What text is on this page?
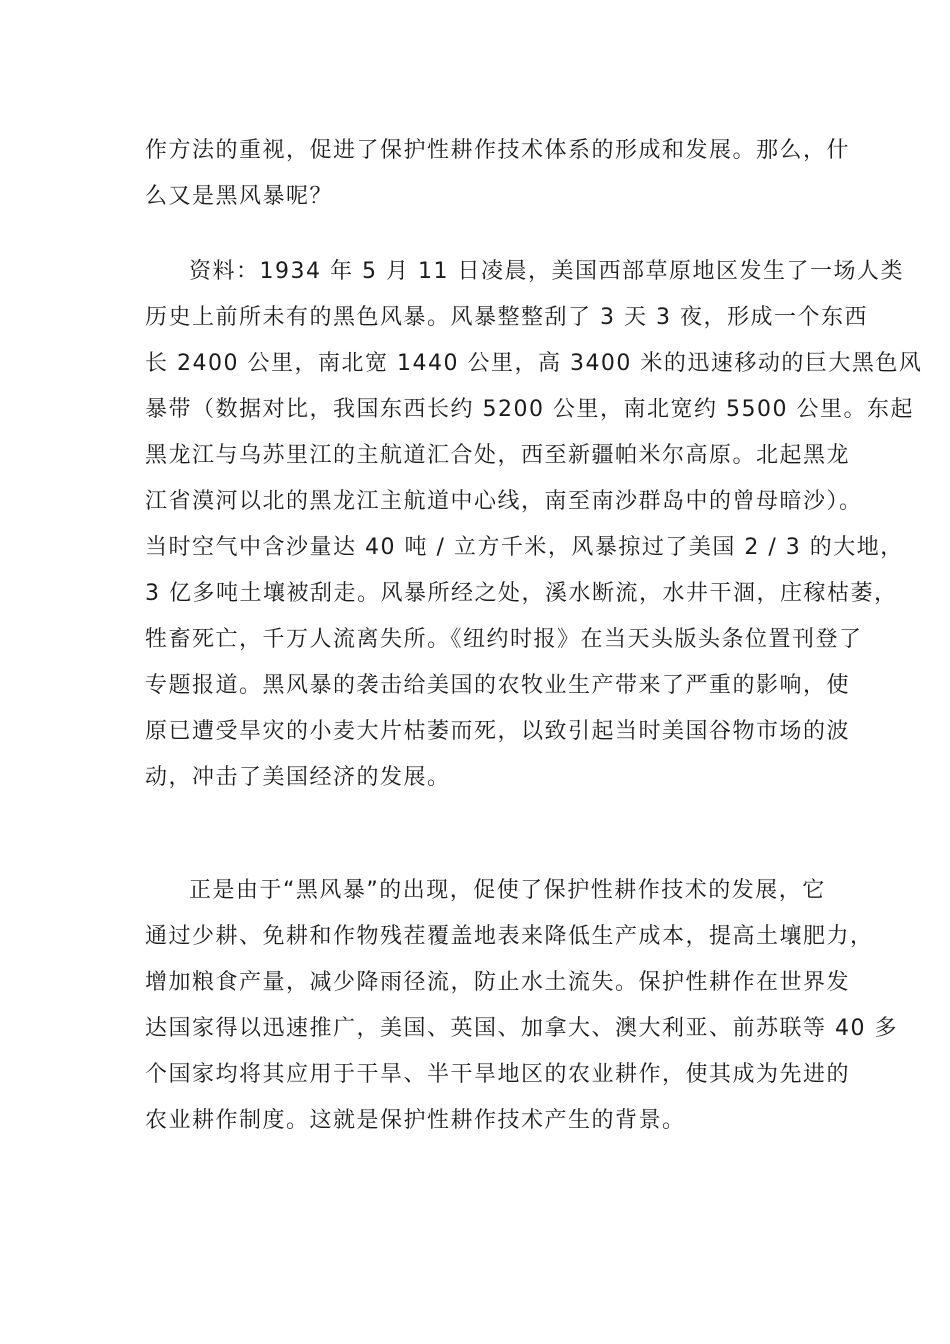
作方法的重视，促进了保护性耕作技术体系的形成和发展。那么，什
么又是黑风暴呢？
资料：1934 年 5 月 11 日凌晨，美国西部草原地区发生了一场人类
历史上前所未有的黑色风暴。风暴整整刮了 3 天 3 夜，形成一个东西
长 2400 公里，南北宽 1440 公里，高 3400 米的迅速移动的巨大黑色风
暴带（数据对比，我国东西长约 5200 公里，南北宽约 5500 公里。东起
黑龙江与乌苏里江的主航道汇合处，西至新疆帕米尔高原。北起黑龙
江省漠河以北的黑龙江主航道中心线，南至南沙群岛中的曾母暗沙）。
当时空气中含沙量达 40 吨 / 立方千米，风暴掠过了美国 2 / 3 的大地，
3 亿多吨土壤被刮走。风暴所经之处，溪水断流，水井干涸，庄稼枯萎，
牲畜死亡，千万人流离失所。《纽约时报》在当天头版头条位置刊登了
专题报道。黑风暴的袭击给美国的农牧业生产带来了严重的影响，使
原已遭受旱灾的小麦大片枯萎而死，以致引起当时美国谷物市场的波
动，冲击了美国经济的发展。
正是由于“黑风暴”的出现，促使了保护性耕作技术的发展，它
通过少耕、免耕和作物残茬覆盖地表来降低生产成本，提高土壤肥力，
增加粮食产量，减少降雨径流，防止水土流失。保护性耕作在世界发
达国家得以迅速推广，美国、英国、加拿大、澳大利亚、前苏联等 40 多
个国家均将其应用于干旱、半干旱地区的农业耕作，使其成为先进的
农业耕作制度。这就是保护性耕作技术产生的背景。
